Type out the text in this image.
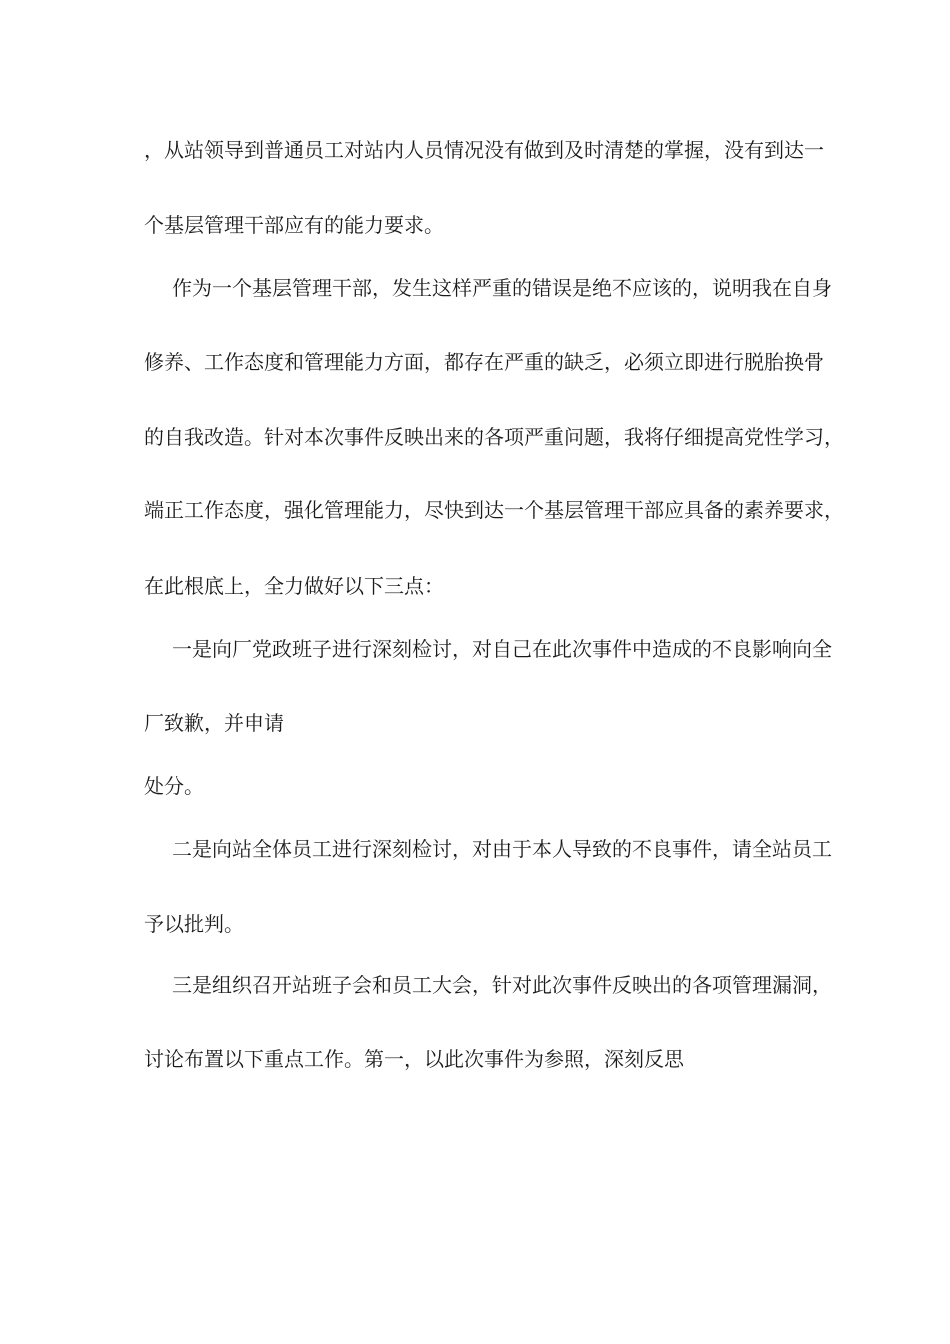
，从站领导到普通员工对站内人员情况没有做到及时清楚的掌握，没有到达一

个基层管理干部应有的能力要求。

作为一个基层管理干部，发生这样严重的错误是绝不应该的，说明我在自身

修养、工作态度和管理能力方面，都存在严重的缺乏，必须立即进行脱胎换骨

的自我改造。针对本次事件反映出来的各项严重问题，我将仔细提高党性学习，

端正工作态度，强化管理能力，尽快到达一个基层管理干部应具备的素养要求，

在此根底上，全力做好以下三点：

一是向厂党政班子进行深刻检讨，对自己在此次事件中造成的不良影响向全

厂致歉，并申请

处分。

二是向站全体员工进行深刻检讨，对由于本人导致的不良事件，请全站员工

予以批判。

三是组织召开站班子会和员工大会，针对此次事件反映出的各项管理漏洞，

讨论布置以下重点工作。第一，以此次事件为参照，深刻反思
